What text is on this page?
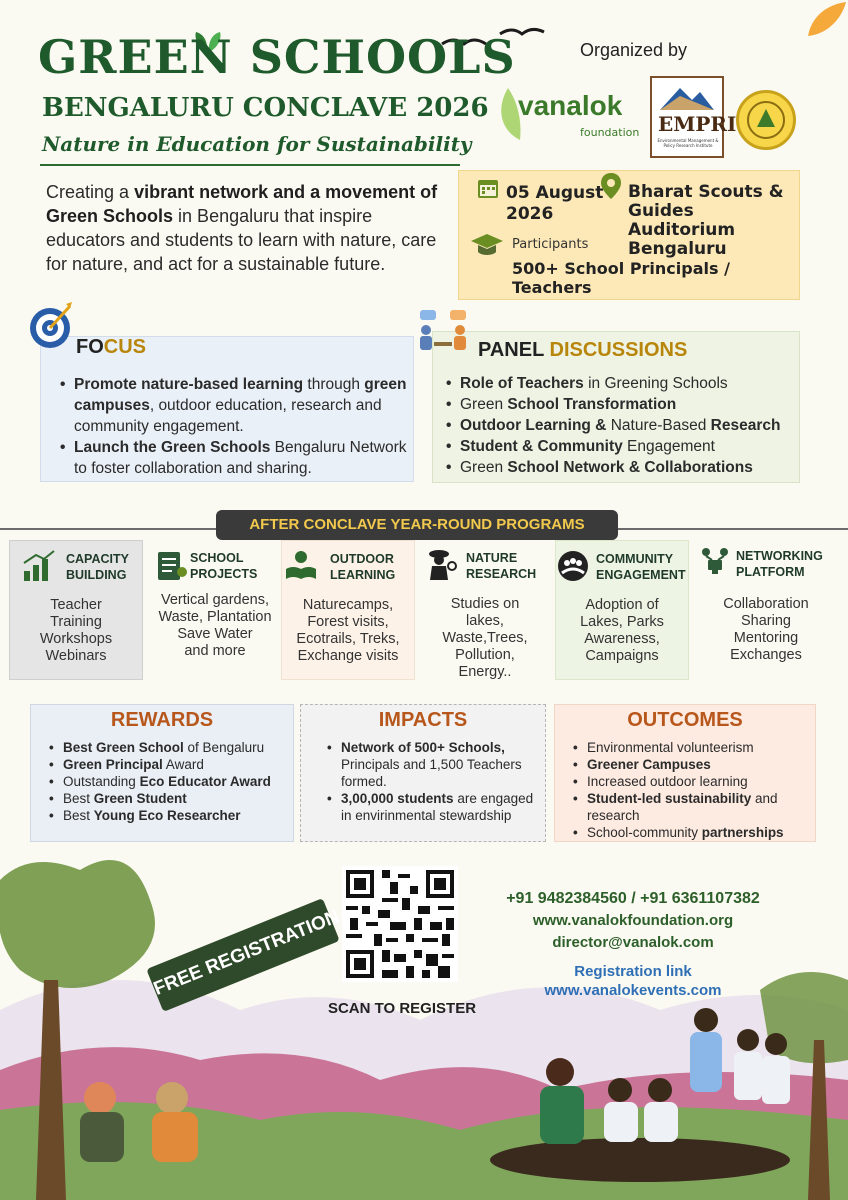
GREEN SCHOOLS
BENGALURU CONCLAVE 2026
Nature in Education for Sustainability
Organized by
vanalok
foundation EMPRI
Environmental Management & Policy Research Institute
Creating a vibrant network and a movement of Green Schools in Bengaluru that inspire educators and students to learn with nature, care for nature, and act for a sustainable future.
05 August 2026
Bharat Scouts & Guides Auditorium Bengaluru
Participants
500+ School Principals / Teachers
FOCUS
• Promote nature-based learning through green campuses, outdoor education, research and community engagement.
• Launch the Green Schools Bengaluru Network to foster collaboration and sharing.
PANEL DISCUSSIONS
• Role of Teachers in Greening Schools
• Green School Transformation
• Outdoor Learning & Nature-Based Research
• Student & Community Engagement
• Green School Network & Collaborations
AFTER CONCLAVE YEAR-ROUND PROGRAMS
CAPACITY
BUILDING
Teacher
Training
Workshops
Webinars
SCHOOL
PROJECTS
Vertical gardens,
Waste, Plantation
Save Water
and more
OUTDOOR
LEARNING
Naturecamps,
Forest visits,
Ecotrails, Treks,
Exchange visits
NATURE
RESEARCH
Studies on
lakes,
Waste,Trees,
Pollution,
Energy..
COMMUNITY
ENGAGEMENT
Adoption of
Lakes, Parks
Awareness,
Campaigns
NETWORKING
PLATFORM
Collaboration
Sharing
Mentoring
Exchanges
REWARDS
• Best Green School of Bengaluru
• Green Principal Award
• Outstanding Eco Educator Award
• Best Green Student
• Best Young Eco Researcher
IMPACTS
• Network of 500+ Schools, Principals and 1,500 Teachers formed.
• 3,00,000 students are engaged in envirinmental stewardship
OUTCOMES
• Environmental volunteerism
• Greener Campuses
• Increased outdoor learning
• Student-led sustainability and research
• School-community partnerships
FREE REGISTRATION
SCAN TO REGISTER
+91 9482384560 / +91 6361107382
www.vanalokfoundation.org
director@vanalok.com
Registration link
www.vanalokevents.com
